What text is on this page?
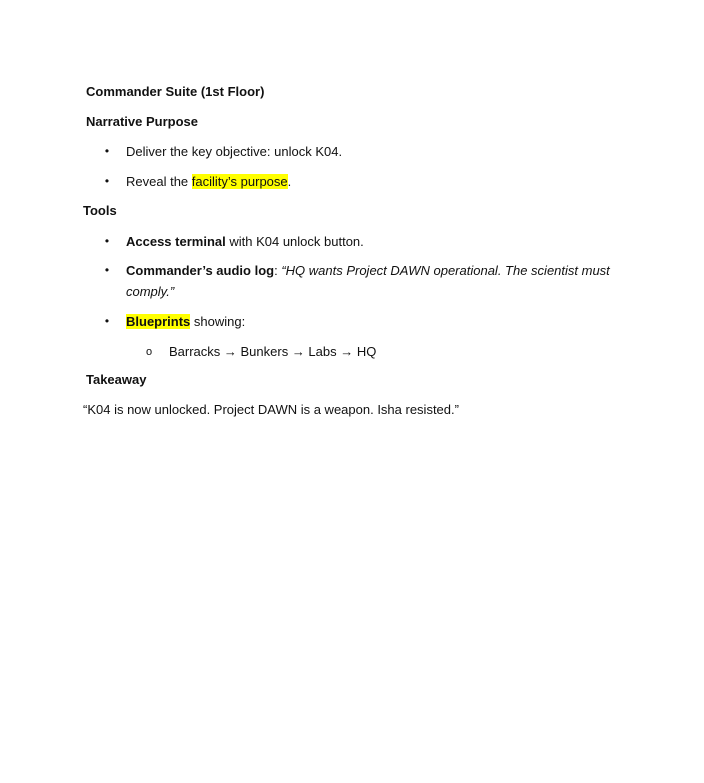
Commander Suite (1st Floor)
Narrative Purpose
• Deliver the key objective: unlock K04.
• Reveal the facility’s purpose.
Tools
• Access terminal with K04 unlock button.
• Commander’s audio log: “HQ wants Project DAWN operational. The scientist must comply.”
• Blueprints showing:
o Barracks → Bunkers → Labs → HQ
Takeaway
“K04 is now unlocked. Project DAWN is a weapon. Isha resisted.”
